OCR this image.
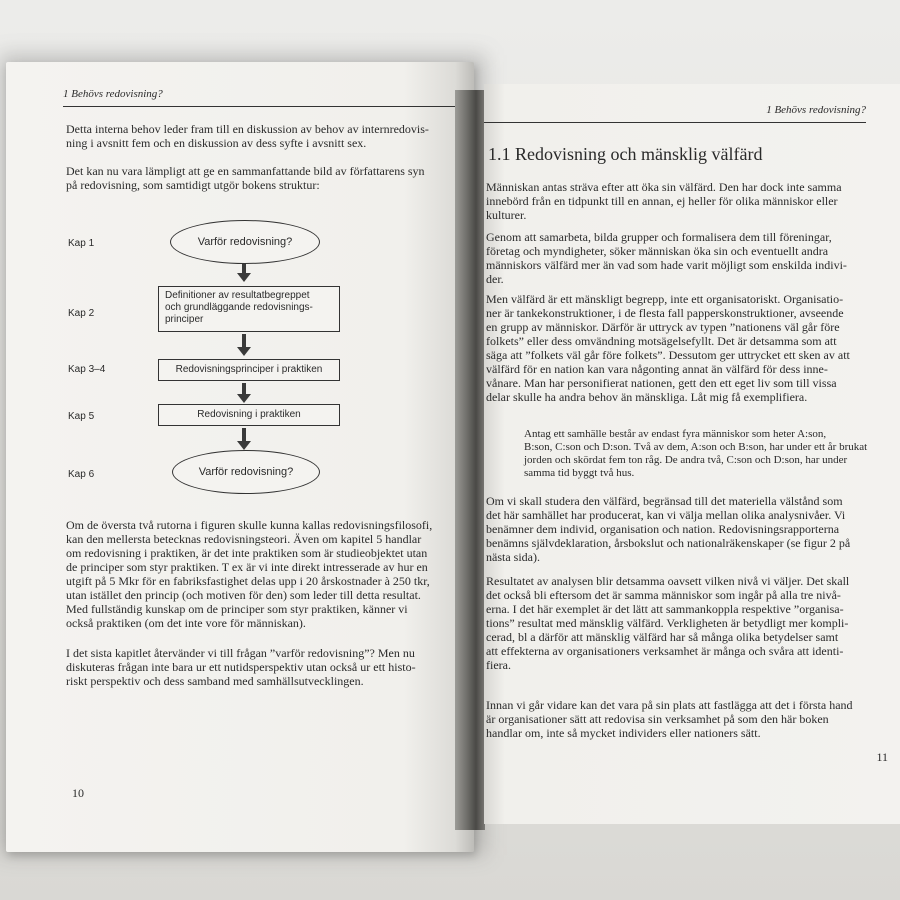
1 Behövs redovisning?

Detta interna behov leder fram till en diskussion av behov av internredovis-
ning i avsnitt fem och en diskussion av dess syfte i avsnitt sex.

Det kan nu vara lämpligt att ge en sammanfattande bild av författarens syn
på redovisning, som samtidigt utgör bokens struktur:

Kap 1
Kap 2
Kap 3–4
Kap 5
Kap 6
Varför redovisning?
Definitioner av resultatbegreppet
och grundläggande redovisnings-
principer
Redovisningsprinciper i praktiken
Redovisning i praktiken
Varför redovisning?

Om de översta två rutorna i figuren skulle kunna kallas redovisningsfilosofi,
kan den mellersta betecknas redovisningsteori. Även om kapitel 5 handlar
om redovisning i praktiken, är det inte praktiken som är studieobjektet utan
de principer som styr praktiken. T ex är vi inte direkt intresserade av hur en
utgift på 5 Mkr för en fabriksfastighet delas upp i 20 årskostnader à 250 tkr,
utan istället den princip (och motiven för den) som leder till detta resultat.
Med fullständig kunskap om de principer som styr praktiken, känner vi
också praktiken (om det inte vore för människan).

I det sista kapitlet återvänder vi till frågan ”varför redovisning”? Men nu
diskuteras frågan inte bara ur ett nutidsperspektiv utan också ur ett histo-
riskt perspektiv och dess samband med samhällsutvecklingen.

10
1 Behövs redovisning?
1.1 Redovisning och mänsklig välfärd

Människan antas sträva efter att öka sin välfärd. Den har dock inte samma
innebörd från en tidpunkt till en annan, ej heller för olika människor eller
kulturer.

Genom att samarbeta, bilda grupper och formalisera dem till föreningar,
företag och myndigheter, söker människan öka sin och eventuellt andra
människors välfärd mer än vad som hade varit möjligt som enskilda indivi-
der.

Men välfärd är ett mänskligt begrepp, inte ett organisatoriskt. Organisatio-
ner är tankekonstruktioner, i de flesta fall papperskonstruktioner, avseende
en grupp av människor. Därför är uttryck av typen ”nationens väl går före
folkets” eller dess omvändning motsägelsefyllt. Det är detsamma som att
säga att ”folkets väl går före folkets”. Dessutom ger uttrycket ett sken av att
välfärd för en nation kan vara någonting annat än välfärd för dess inne-
vånare. Man har personifierat nationen, gett den ett eget liv som till vissa
delar skulle ha andra behov än mänskliga. Låt mig få exemplifiera.

Antag ett samhälle består av endast fyra människor som heter A:son,
B:son, C:son och D:son. Två av dem, A:son och B:son, har under ett år brukat
jorden och skördat fem ton råg. De andra två, C:son och D:son, har under
samma tid byggt två hus.

Om vi skall studera den välfärd, begränsad till det materiella välstånd som
det här samhället har producerat, kan vi välja mellan olika analysnivåer. Vi
benämner dem individ, organisation och nation. Redovisningsrapporterna
benämns självdeklaration, årsbokslut och nationalräkenskaper (se figur 2 på
nästa sida).

Resultatet av analysen blir detsamma oavsett vilken nivå vi väljer. Det skall
det också bli eftersom det är samma människor som ingår på alla tre nivå-
erna. I det här exemplet är det lätt att sammankoppla respektive ”organisa-
tions” resultat med mänsklig välfärd. Verkligheten är betydligt mer kompli-
cerad, bl a därför att mänsklig välfärd har så många olika betydelser samt
att effekterna av organisationers verksamhet är många och svåra att identi-
fiera.

Innan vi går vidare kan det vara på sin plats att fastlägga att det i första hand
är organisationer sätt att redovisa sin verksamhet på som den här boken
handlar om, inte så mycket individers eller nationers sätt.

11
